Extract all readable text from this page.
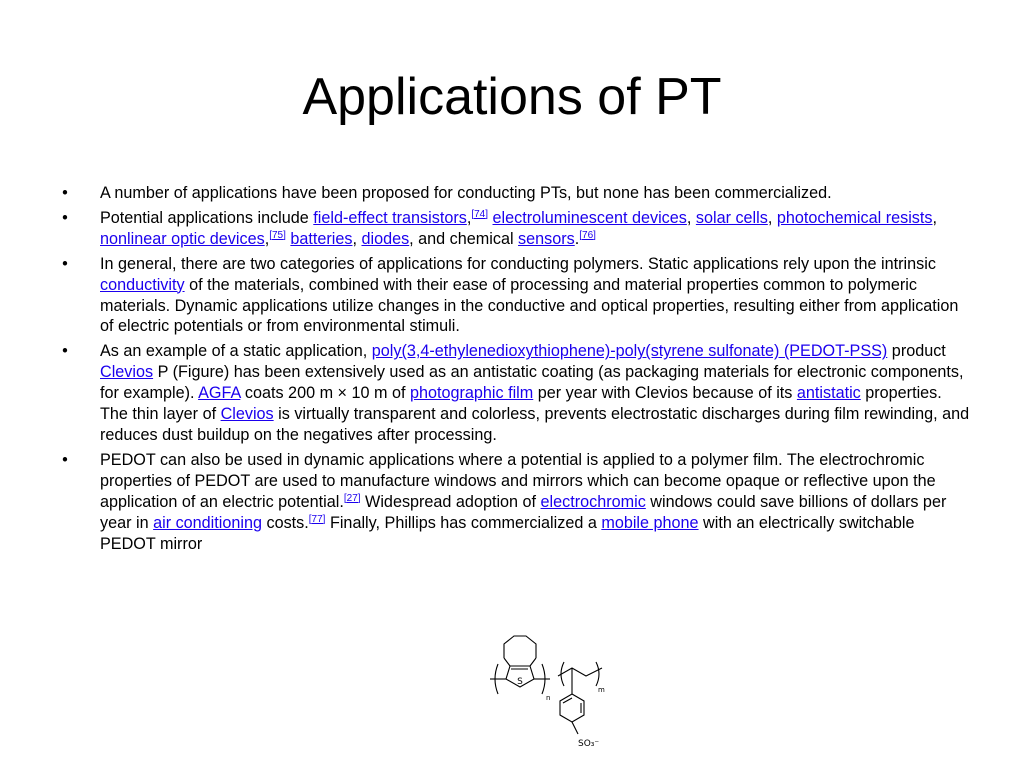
Applications of PT
• A number of applications have been proposed for conducting PTs, but none has been commercialized.
• Potential applications include field-effect transistors,[74] electroluminescent devices, solar cells, photochemical resists, nonlinear optic devices,[75] batteries, diodes, and chemical sensors.[76]
• In general, there are two categories of applications for conducting polymers. Static applications rely upon the intrinsic conductivity of the materials, combined with their ease of processing and material properties common to polymeric materials. Dynamic applications utilize changes in the conductive and optical properties, resulting either from application of electric potentials or from environmental stimuli.
• As an example of a static application, poly(3,4-ethylenedioxythiophene)-poly(styrene sulfonate) (PEDOT-PSS) product Clevios P (Figure) has been extensively used as an antistatic coating (as packaging materials for electronic components, for example). AGFA coats 200 m × 10 m of photographic film per year with Clevios because of its antistatic properties. The thin layer of Clevios is virtually transparent and colorless, prevents electrostatic discharges during film rewinding, and reduces dust buildup on the negatives after processing.
• PEDOT can also be used in dynamic applications where a potential is applied to a polymer film. The electrochromic properties of PEDOT are used to manufacture windows and mirrors which can become opaque or reflective upon the application of an electric potential.[27] Widespread adoption of electrochromic windows could save billions of dollars per year in air conditioning costs.[77] Finally, Phillips has commercialized a mobile phone with an electrically switchable PEDOT mirror
S
n
m
SO₃⁻
